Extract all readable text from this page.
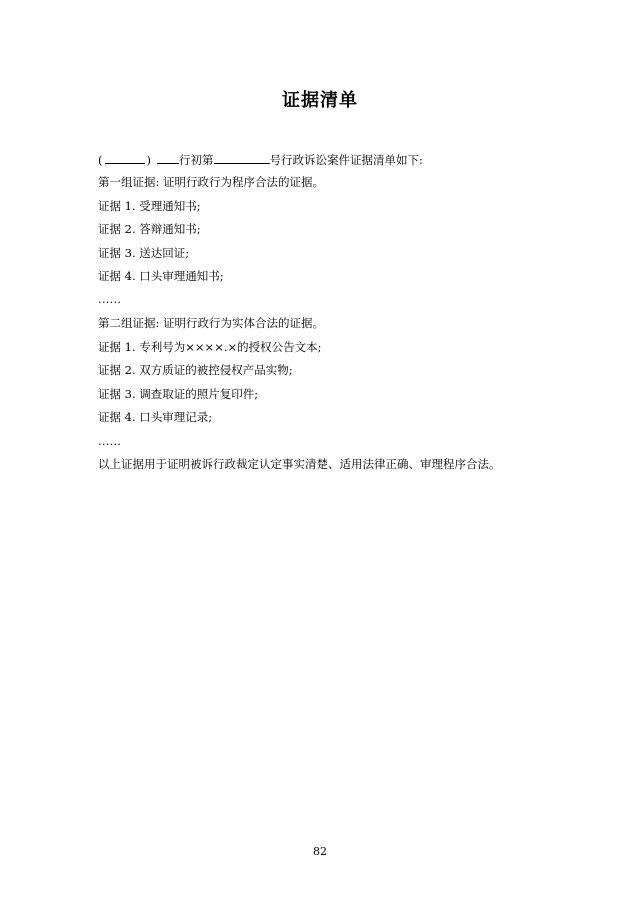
证据清单
(	) 行初第	号行政诉讼案件证据清单如下:
第一组证据: 证明行政行为程序合法的证据。
证据 1. 受理通知书;
证据 2. 答辩通知书;
证据 3. 送达回证;
证据 4. 口头审理通知书;
……
第二组证据: 证明行政行为实体合法的证据。
证据 1. 专利号为××××.×的授权公告文本;
证据 2. 双方质证的被控侵权产品实物;
证据 3. 调查取证的照片复印件;
证据 4. 口头审理记录;
……
以上证据用于证明被诉行政裁定认定事实清楚、适用法律正确、审理程序合法。
82
